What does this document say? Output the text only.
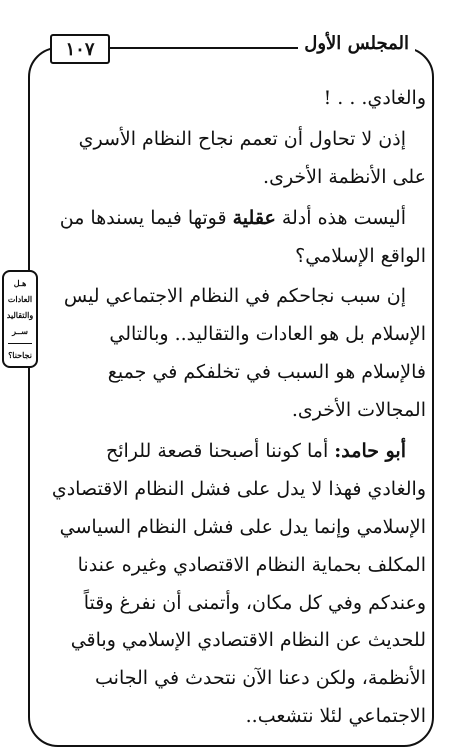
١٠٧	المجلس الأول
هـل
العادات
والتقاليد
ســر
نجاحنا؟
والغادي. . . !
إذن لا تحاول أن تعمم نجاح النظام الأسري
على الأنظمة الأخرى.
أليست هذه أدلة عقلية قوتها فيما يسندها من
الواقع الإسلامي؟
إن سبب نجاحكم في النظام الاجتماعي ليس
الإسلام بل هو العادات والتقاليد.. وبالتالي
فالإسلام هو السبب في تخلفكم في جميع
المجالات الأخرى.
أبو حامد: أما كوننا أصبحنا قصعة للرائح
والغادي فهذا لا يدل على فشل النظام الاقتصادي
الإسلامي وإنما يدل على فشل النظام السياسي
المكلف بحماية النظام الاقتصادي وغيره عندنا
وعندكم وفي كل مكان، وأتمنى أن نفرغ وقتاً
للحديث عن النظام الاقتصادي الإسلامي وباقي
الأنظمة، ولكن دعنا الآن نتحدث في الجانب
الاجتماعي لئلا نتشعب..
